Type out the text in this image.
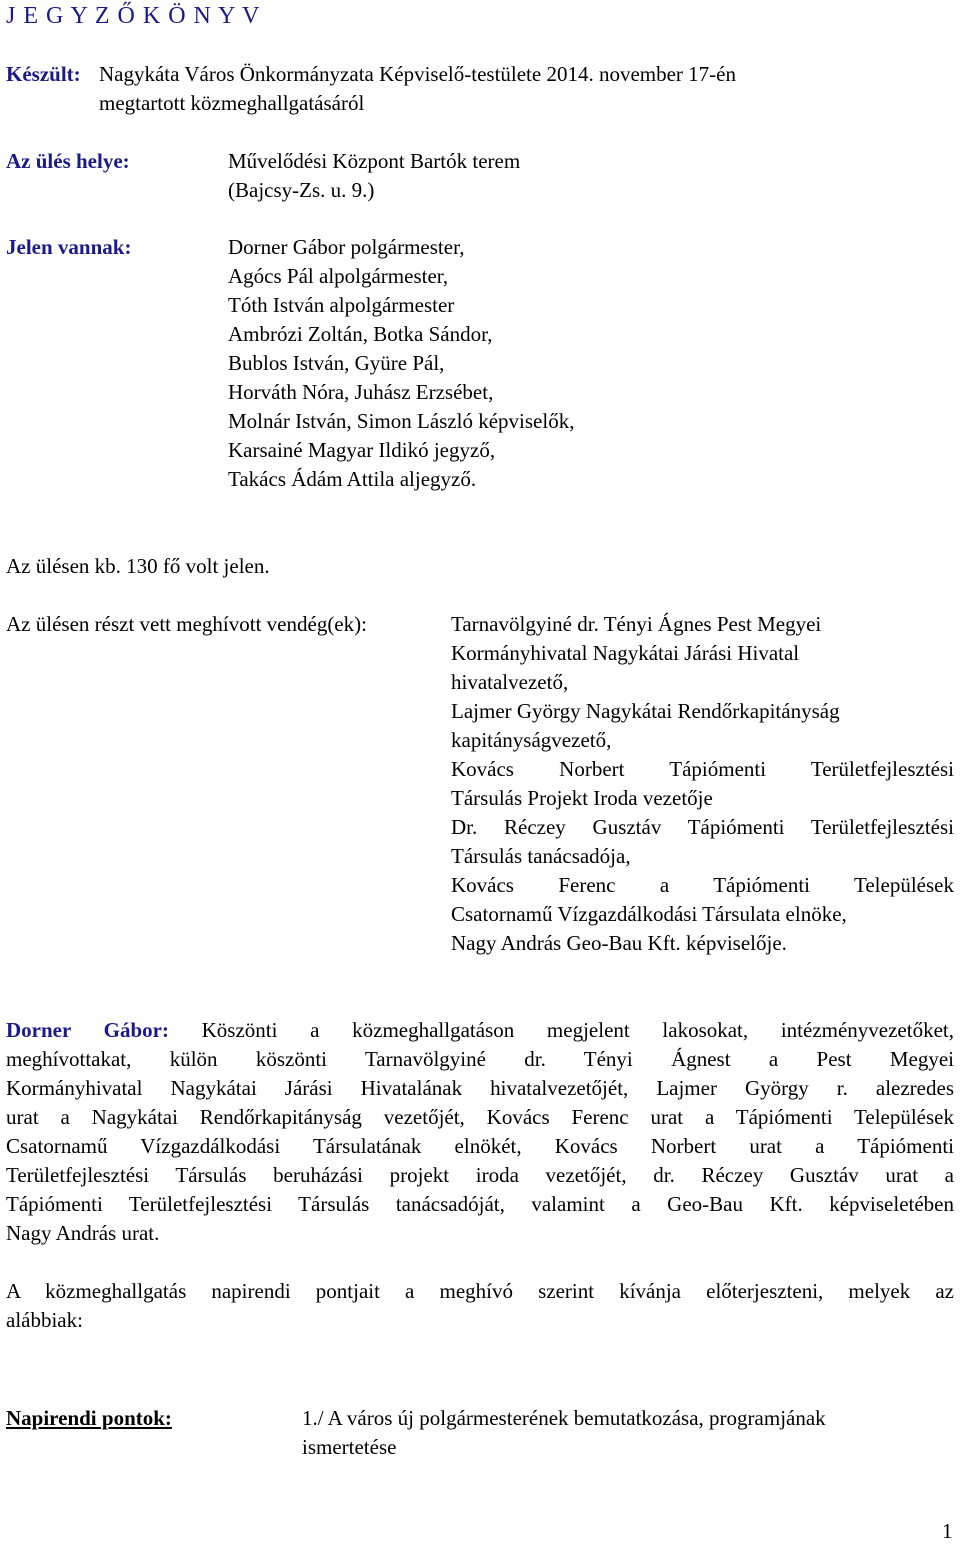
J E G Y Z Ő K Ö N Y V
Készült: Nagykáta Város Önkormányzata Képviselő-testülete 2014. november 17-én
megtartott közmeghallgatásáról
Az ülés helye:	Művelődési Központ Bartók terem
(Bajcsy-Zs. u. 9.)
Jelen vannak:	Dorner Gábor polgármester,
Agócs Pál alpolgármester,
Tóth István alpolgármester
Ambrózi Zoltán, Botka Sándor,
Bublos István, Gyüre Pál,
Horváth Nóra, Juhász Erzsébet,
Molnár István, Simon László képviselők,
Karsainé Magyar Ildikó jegyző,
Takács Ádám Attila aljegyző.
Az ülésen kb. 130 fő volt jelen.
Az ülésen részt vett meghívott vendég(ek):	Tarnavölgyiné dr. Tényi Ágnes Pest Megyei
Kormányhivatal Nagykátai Járási Hivatal
hivatalvezető,
Lajmer György Nagykátai Rendőrkapitányság
kapitányságvezető,
Kovács Norbert Tápiómenti Területfejlesztési
Társulás Projekt Iroda vezetője
Dr. Réczey Gusztáv Tápiómenti Területfejlesztési
Társulás tanácsadója,
Kovács Ferenc a Tápiómenti Települések
Csatornamű Vízgazdálkodási Társulata elnöke,
Nagy András Geo-Bau Kft. képviselője.
Dorner Gábor: Köszönti a közmeghallgatáson megjelent lakosokat, intézményvezetőket,
meghívottakat, külön köszönti Tarnavölgyiné dr. Tényi Ágnest a Pest Megyei
Kormányhivatal Nagykátai Járási Hivatalának hivatalvezetőjét, Lajmer György r. alezredes
urat a Nagykátai Rendőrkapitányság vezetőjét, Kovács Ferenc urat a Tápiómenti Települések
Csatornamű Vízgazdálkodási Társulatának elnökét, Kovács Norbert urat a Tápiómenti
Területfejlesztési Társulás beruházási projekt iroda vezetőjét, dr. Réczey Gusztáv urat a
Tápiómenti Területfejlesztési Társulás tanácsadóját, valamint a Geo-Bau Kft. képviseletében
Nagy András urat.
A közmeghallgatás napirendi pontjait a meghívó szerint kívánja előterjeszteni, melyek az
alábbiak:
Napirendi pontok:	1./ A város új polgármesterének bemutatkozása, programjának
ismertetése
1
